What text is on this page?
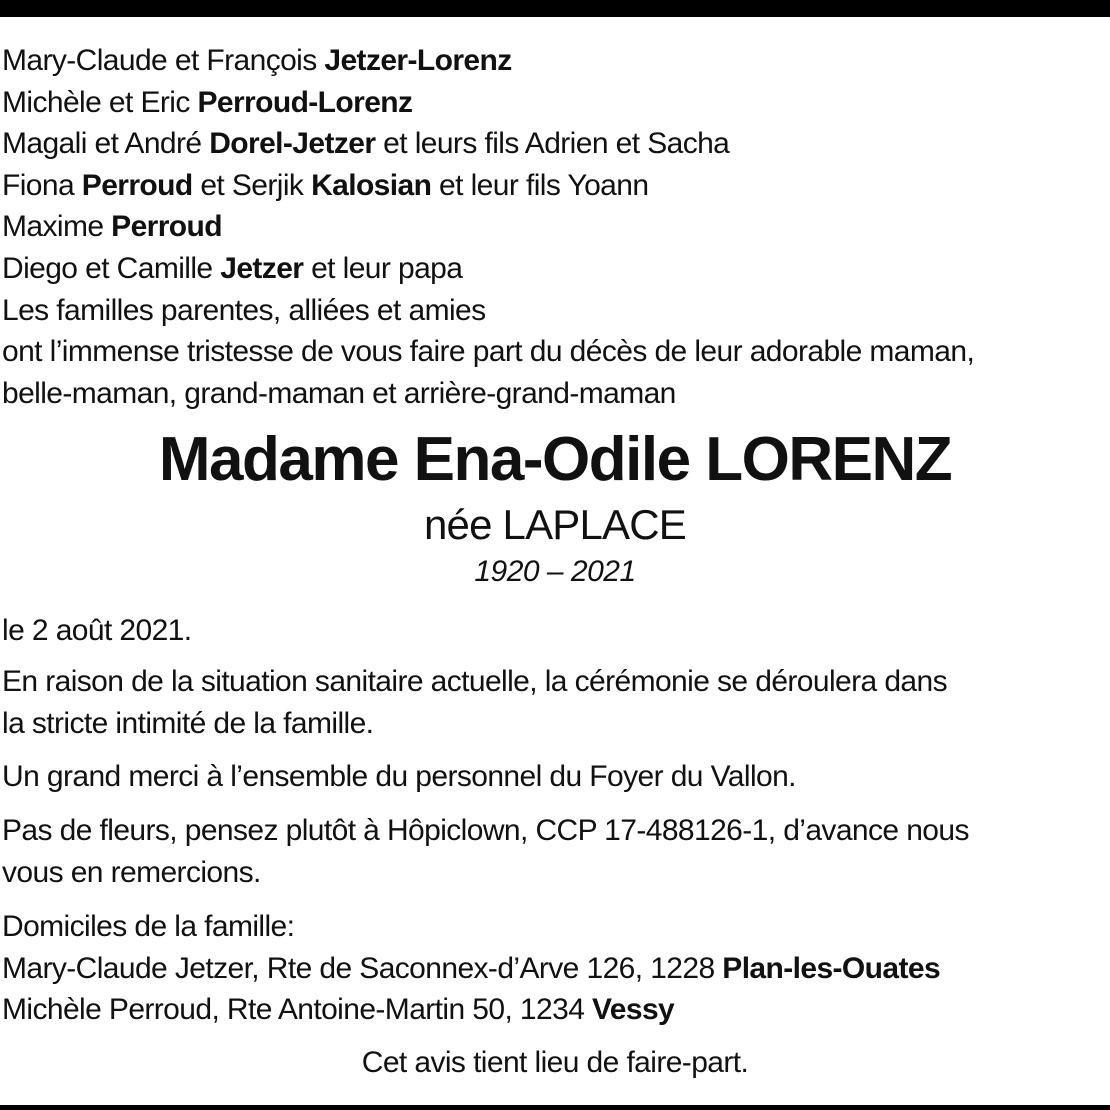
Mary-Claude et François Jetzer-Lorenz
Michèle et Eric Perroud-Lorenz
Magali et André Dorel-Jetzer et leurs fils Adrien et Sacha
Fiona Perroud et Serjik Kalosian et leur fils Yoann
Maxime Perroud
Diego et Camille Jetzer et leur papa
Les familles parentes, alliées et amies
ont l’immense tristesse de vous faire part du décès de leur adorable maman,
belle-maman, grand-maman et arrière-grand-maman
Madame Ena-Odile LORENZ
née LAPLACE
1920 – 2021
le 2 août 2021.
En raison de la situation sanitaire actuelle, la cérémonie se déroulera dans
la stricte intimité de la famille.
Un grand merci à l’ensemble du personnel du Foyer du Vallon.
Pas de fleurs, pensez plutôt à Hôpiclown, CCP 17-488126-1, d’avance nous
vous en remercions.
Domiciles de la famille:
Mary-Claude Jetzer, Rte de Saconnex-d’Arve 126, 1228 Plan-les-Ouates
Michèle Perroud, Rte Antoine-Martin 50, 1234 Vessy
Cet avis tient lieu de faire-part.
